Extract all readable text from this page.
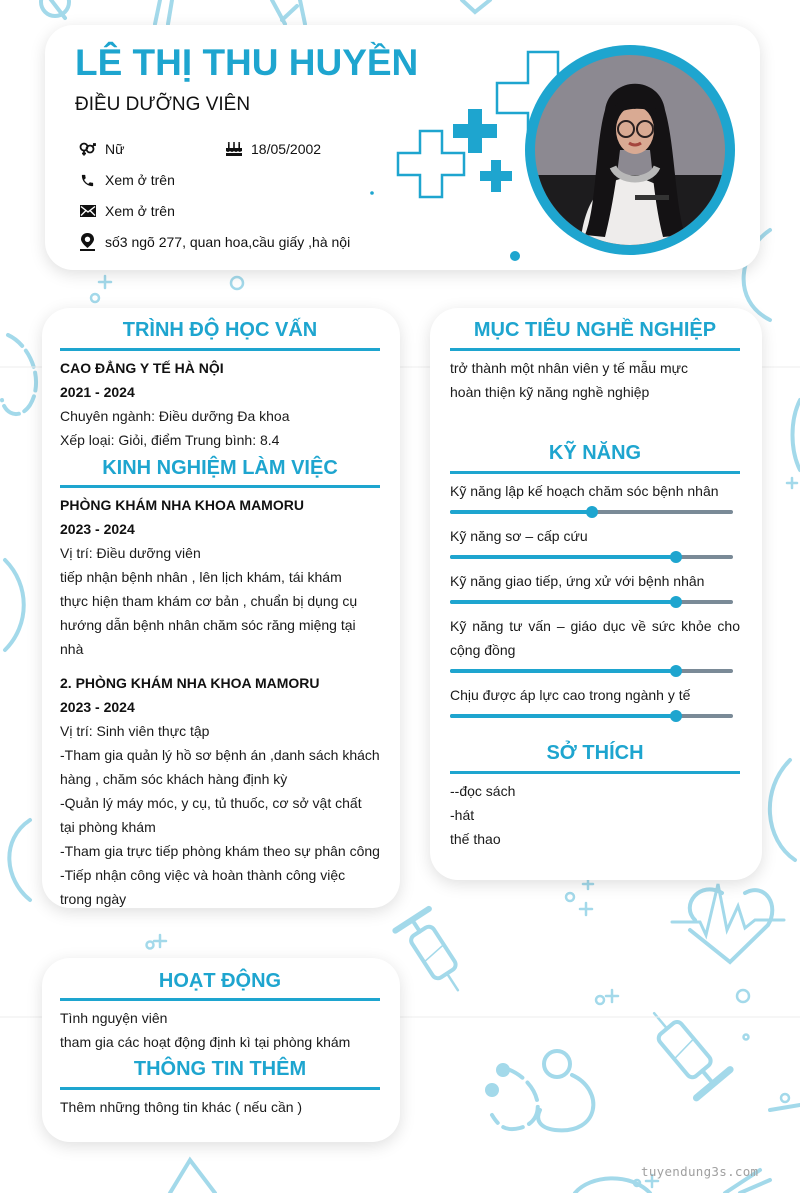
LÊ THỊ THU HUYỀN
ĐIỀU DƯỠNG VIÊN
Nữ	18/05/2002
Xem ở trên
Xem ở trên
số3 ngõ 277, quan hoa,cầu giấy ,hà nội
TRÌNH ĐỘ HỌC VẤN
CAO ĐẲNG Y TẾ HÀ NỘI
2021 - 2024
Chuyên ngành: Điều dưỡng Đa khoa
Xếp loại: Giỏi, điểm Trung bình: 8.4
KINH NGHIỆM LÀM VIỆC
PHÒNG KHÁM NHA KHOA MAMORU
2023 - 2024
Vị trí: Điều dưỡng viên
tiếp nhận bệnh nhân , lên lịch khám, tái khám
thực hiện tham khám cơ bản , chuẩn bị dụng cụ
hướng dẫn bệnh nhân chăm sóc răng miệng tại nhà
2. PHÒNG KHÁM NHA KHOA MAMORU
2023 - 2024
Vị trí: Sinh viên thực tập
-Tham gia quản lý hồ sơ bệnh án ,danh sách khách hàng , chăm sóc khách hàng định kỳ
-Quản lý máy móc, y cụ, tủ thuốc, cơ sở vật chất tại phòng khám
-Tham gia trực tiếp phòng khám theo sự phân công
-Tiếp nhận công việc và hoàn thành công việc trong ngày
MỤC TIÊU NGHỀ NGHIỆP
trở thành một nhân viên y tế mẫu mực
hoàn thiện kỹ năng nghề nghiệp
KỸ NĂNG
Kỹ năng lập kế hoạch chăm sóc bệnh nhân
Kỹ năng sơ – cấp cứu
Kỹ năng giao tiếp, ứng xử với bệnh nhân
Kỹ năng tư vấn – giáo dục về sức khỏe cho cộng đồng
Chịu được áp lực cao trong ngành y tế
SỞ THÍCH
--đọc sách
-hát
thế thao
HOẠT ĐỘNG
Tình nguyện viên
tham gia các hoạt động định kì tại phòng khám
THÔNG TIN THÊM
Thêm những thông tin khác ( nếu cần )
tuyendung3s.com
